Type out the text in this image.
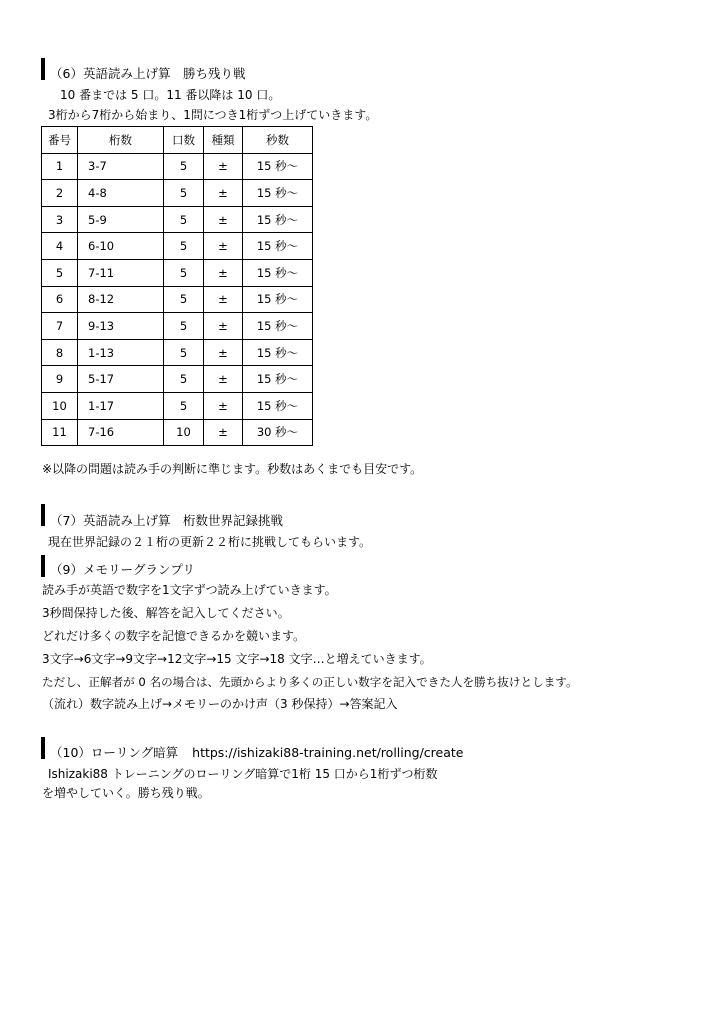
（6）英語読み上げ算　勝ち残り戦
10 番までは 5 口。11 番以降は 10 口。
3桁から7桁から始まり、1問につき1桁ずつ上げていきます。
番号	桁数	口数	種類	秒数
1	3-7	5	±	15 秒～
2	4-8	5	±	15 秒～
3	5-9	5	±	15 秒～
4	6-10	5	±	15 秒～
5	7-11	5	±	15 秒～
6	8-12	5	±	15 秒～
7	9-13	5	±	15 秒～
8	1-13	5	±	15 秒～
9	5-17	5	±	15 秒～
10	1-17	5	±	15 秒～
11	7-16	10	±	30 秒～
※以降の問題は読み手の判断に準じます。秒数はあくまでも目安です。
（7）英語読み上げ算　桁数世界記録挑戦
現在世界記録の２１桁の更新２２桁に挑戦してもらいます。
（9）メモリーグランプリ
読み手が英語で数字を1文字ずつ読み上げていきます。
3秒間保持した後、解答を記入してください。
どれだけ多くの数字を記憶できるかを競います。
3文字→6文字→9文字→12文字→15 文字→18 文字…と増えていきます。
ただし、正解者が 0 名の場合は、先頭からより多くの正しい数字を記入できた人を勝ち抜けとします。
（流れ）数字読み上げ→メモリーのかけ声（3 秒保持）→答案記入
（10）ローリング暗算 https://ishizaki88-training.net/rolling/create
Ishizaki88 トレーニングのローリング暗算で1桁 15 口から1桁ずつ桁数
を増やしていく。勝ち残り戦。
